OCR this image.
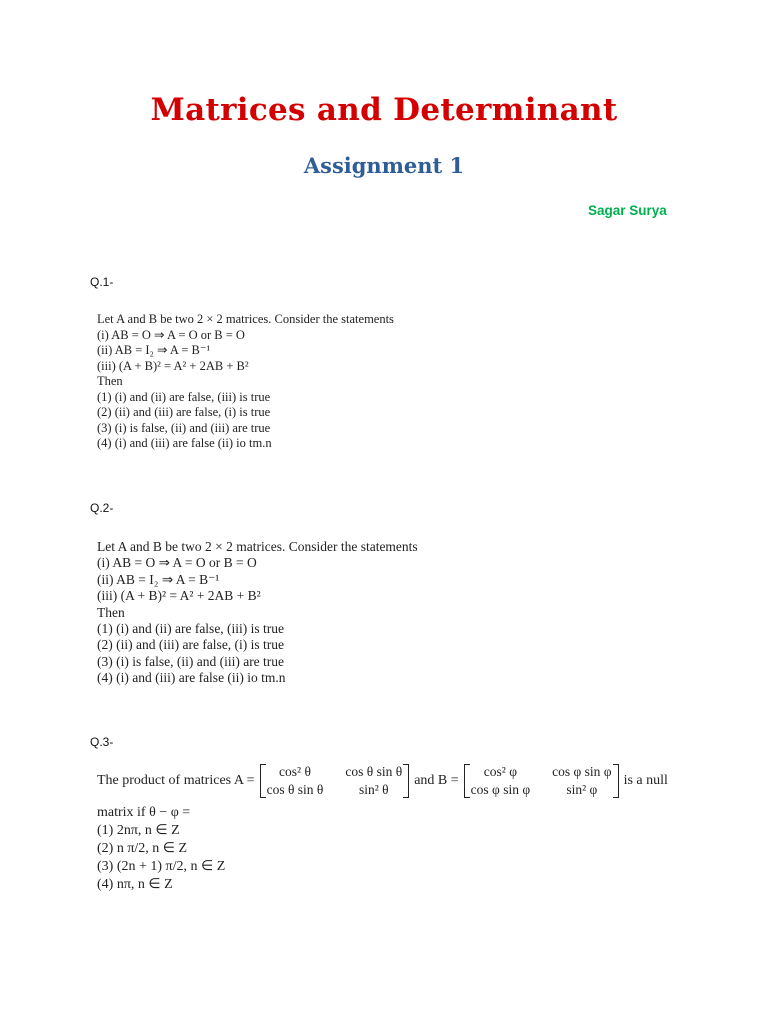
Matrices and Determinant
Assignment 1
Sagar Surya
Q.1-
Let A and B be two 2 × 2 matrices. Consider the statements
(i) AB = O ⇒ A = O or B = O
(ii) AB = I₂ ⇒ A = B⁻¹
(iii) (A + B)² = A² + 2AB + B²
Then
(1) (i) and (ii) are false, (iii) is true
(2) (ii) and (iii) are false, (i) is true
(3) (i) is false, (ii) and (iii) are true
(4) (i) and (iii) are false (ii) io tm.n
Q.2-
Let A and B be two 2 × 2 matrices. Consider the statements
(i) AB = O ⇒ A = O or B = O
(ii) AB = I₂ ⇒ A = B⁻¹
(iii) (A + B)² = A² + 2AB + B²
Then
(1) (i) and (ii) are false, (iii) is true
(2) (ii) and (iii) are false, (i) is true
(3) (i) is false, (ii) and (iii) are true
(4) (i) and (iii) are false (ii) io tm.n
Q.3-
The product of matrices A =
cos² θ	cos θ sin θ
cos θ sin θ	sin² θ
and B =
cos² φ	cos φ sin φ
cos φ sin φ	sin² φ
is a null
matrix if θ − φ =
(1) 2nπ, n ∈ Z
(2) n π/2, n ∈ Z
(3) (2n + 1) π/2, n ∈ Z
(4) nπ, n ∈ Z
